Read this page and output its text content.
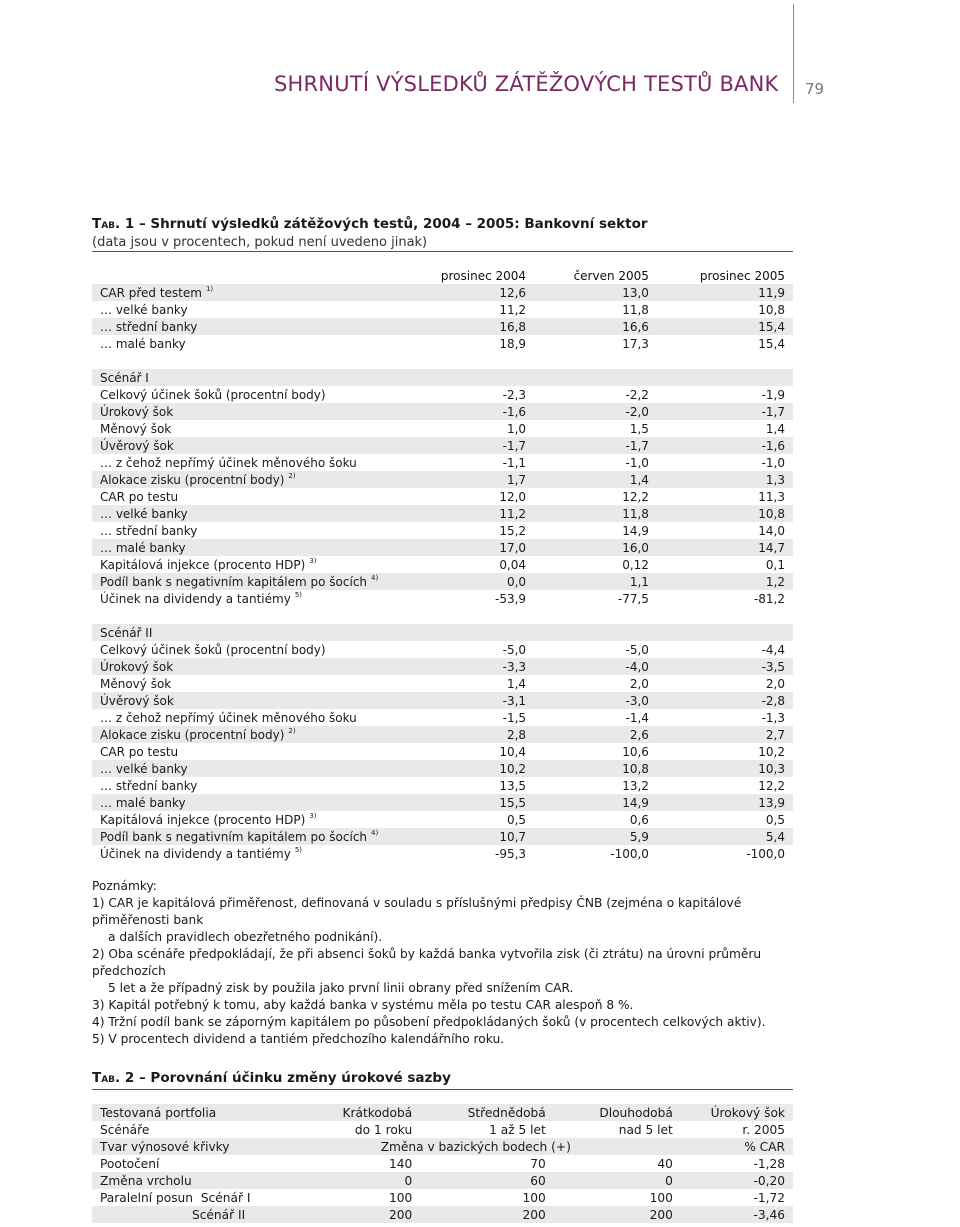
SHRNUTÍ VÝSLEDKŮ ZÁTĚŽOVÝCH TESTŮ BANK 79
Tab. 1 – Shrnutí výsledků zátěžových testů, 2004 – 2005: Bankovní sektor
(data jsou v procentech, pokud není uvedeno jinak)
	prosinec 2004	červen 2005	prosinec 2005
CAR před testem $^{1)}$	12,6	13,0	11,9
… velké banky	11,2	11,8	10,8
… střední banky	16,8	16,6	15,4
… malé banky	18,9	17,3	15,4

Scénář I			
Celkový účinek šoků (procentní body)	-2,3	-2,2	-1,9
Úrokový šok	-1,6	-2,0	-1,7
Měnový šok	1,0	1,5	1,4
Úvěrový šok	-1,7	-1,7	-1,6
… z čehož nepřímý účinek měnového šoku	-1,1	-1,0	-1,0
Alokace zisku (procentní body) $^{2)}$	1,7	1,4	1,3
CAR po testu	12,0	12,2	11,3
… velké banky	11,2	11,8	10,8
… střední banky	15,2	14,9	14,0
… malé banky	17,0	16,0	14,7
Kapitálová injekce (procento HDP) $^{3)}$	0,04	0,12	0,1
Podíl bank s negativním kapitálem po šocích $^{4)}$	0,0	1,1	1,2
Účinek na dividendy a tantiémy $^{5)}$	-53,9	-77,5	-81,2

Scénář II			
Celkový účinek šoků (procentní body)	-5,0	-5,0	-4,4
Úrokový šok	-3,3	-4,0	-3,5
Měnový šok	1,4	2,0	2,0
Úvěrový šok	-3,1	-3,0	-2,8
… z čehož nepřímý účinek měnového šoku	-1,5	-1,4	-1,3
Alokace zisku (procentní body) $^{2)}$	2,8	2,6	2,7
CAR po testu	10,4	10,6	10,2
… velké banky	10,2	10,8	10,3
… střední banky	13,5	13,2	12,2
… malé banky	15,5	14,9	13,9
Kapitálová injekce (procento HDP) $^{3)}$	0,5	0,6	0,5
Podíl bank s negativním kapitálem po šocích $^{4)}$	10,7	5,9	5,4
Účinek na dividendy a tantiémy $^{5)}$	-95,3	-100,0	-100,0
Poznámky:
1) CAR je kapitálová přiměřenost, definovaná v souladu s příslušnými předpisy ČNB (zejména o kapitálové přiměřenosti bank
a dalších pravidlech obezřetného podnikání).
2) Oba scénáře předpokládají, že při absenci šoků by každá banka vytvořila zisk (či ztrátu) na úrovni průměru předchozích
5 let a že případný zisk by použila jako první linii obrany před snížením CAR.
3) Kapitál potřebný k tomu, aby každá banka v systému měla po testu CAR alespoň 8 %.
4) Tržní podíl bank se záporným kapitálem po působení předpokládaných šoků (v procentech celkových aktiv).
5) V procentech dividend a tantiém předchozího kalendářního roku.
Tab. 2 – Porovnání účinku změny úrokové sazby
Testovaná portfolia	Krátkodobá	Střednědobá	Dlouhodobá	Úrokový šok
Scénáře	do 1 roku	1 až 5 let	nad 5 let	r. 2005
Tvar výnosové křivky	Změna v bazických bodech (+)			% CAR
Pootočení	140	70	40	-1,28
Změna vrcholu	0	60	0	-0,20
Paralelní posun Scénář I	100	100	100	-1,72
Scénář II	200	200	200	-3,46
